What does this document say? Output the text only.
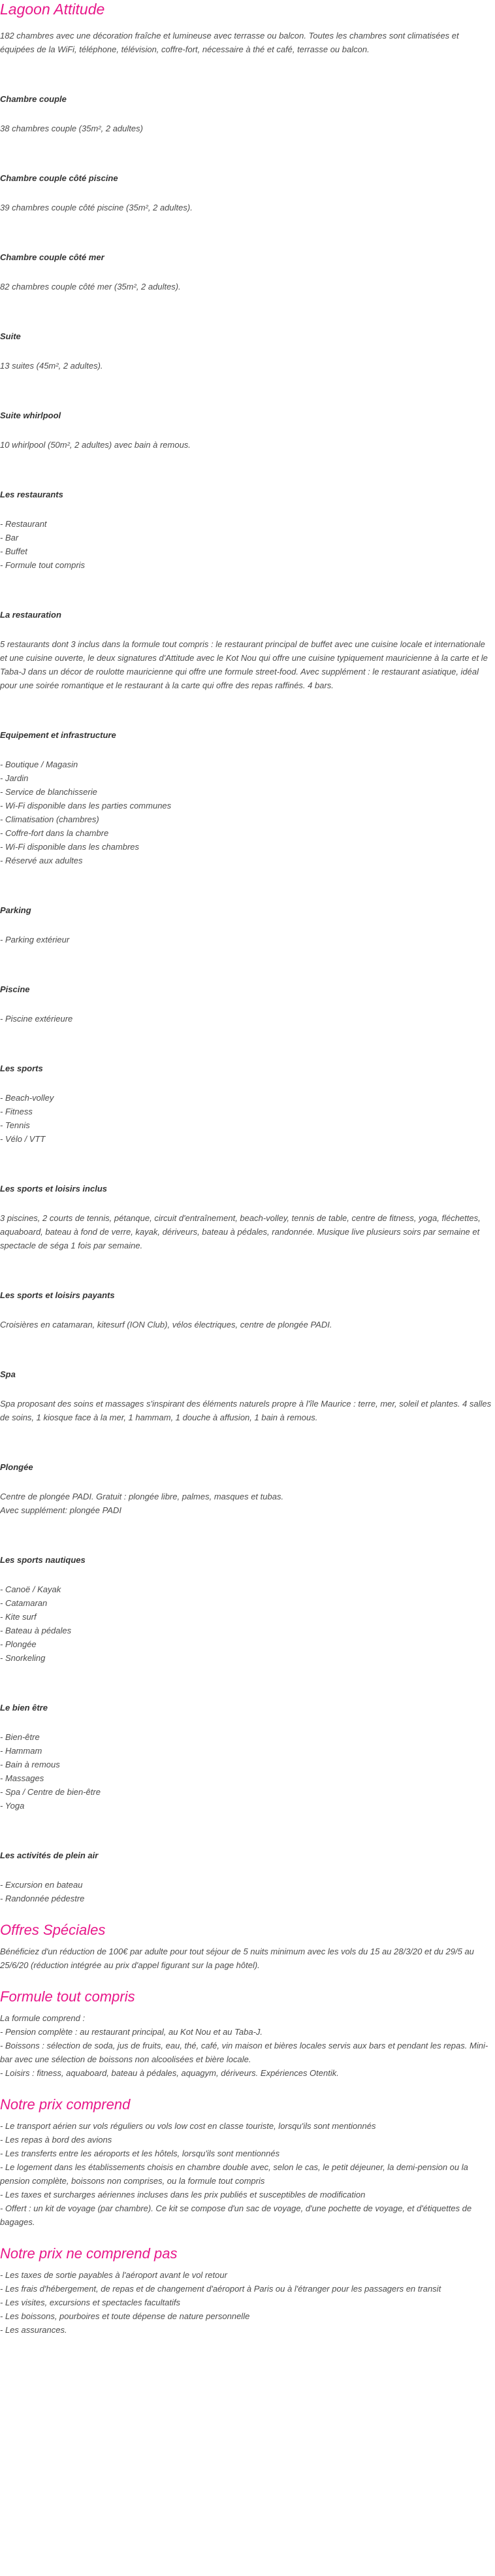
Lagoon Attitude

182 chambres avec une décoration fraîche et lumineuse avec terrasse ou balcon. Toutes les chambres sont climatisées et équipées de la WiFi, téléphone, télévision, coffre-fort, nécessaire à thé et café, terrasse ou balcon.

Chambre couple

38 chambres couple (35m², 2 adultes)

Chambre couple côté piscine

39 chambres couple côté piscine (35m², 2 adultes).

Chambre couple côté mer

82 chambres couple côté mer (35m², 2 adultes).

Suite

13 suites (45m², 2 adultes).

Suite whirlpool

10 whirlpool (50m², 2 adultes) avec bain à remous.

Les restaurants

- Restaurant

- Bar

- Buffet

- Formule tout compris

La restauration

5 restaurants dont 3 inclus dans la formule tout compris : le restaurant principal de buffet avec une cuisine locale et internationale et une cuisine ouverte, le deux signatures d'Attitude avec le Kot Nou qui offre une cuisine typiquement mauricienne à la carte et le Taba-J dans un décor de roulotte mauricienne qui offre une formule street-food. Avec supplément : le restaurant asiatique, idéal pour une soirée romantique et le restaurant à la carte qui offre des repas raffinés. 4 bars.

Equipement et infrastructure

- Boutique / Magasin

- Jardin

- Service de blanchisserie

- Wi-Fi disponible dans les parties communes

- Climatisation (chambres)

- Coffre-fort dans la chambre

- Wi-Fi disponible dans les chambres

- Réservé aux adultes

Parking

- Parking extérieur

Piscine

- Piscine extérieure

Les sports

- Beach-volley

- Fitness

- Tennis

- Vélo / VTT

Les sports et loisirs inclus

3 piscines, 2 courts de tennis, pétanque, circuit d'entraînement, beach-volley, tennis de table, centre de fitness, yoga, fléchettes, aquaboard, bateau à fond de verre, kayak, dériveurs, bateau à pédales, randonnée. Musique live plusieurs soirs par semaine et spectacle de séga 1 fois par semaine.

Les sports et loisirs payants

Croisières en catamaran, kitesurf (ION Club), vélos électriques, centre de plongée PADI.

Spa

Spa proposant des soins et massages s'inspirant des éléments naturels propre à l'île Maurice : terre, mer, soleil et plantes. 4 salles de soins, 1 kiosque face à la mer, 1 hammam, 1 douche à affusion, 1 bain à remous.

Plongée

Centre de plongée PADI. Gratuit : plongée libre, palmes, masques et tubas.

Avec supplément: plongée PADI

Les sports nautiques

- Canoë / Kayak

- Catamaran

- Kite surf

- Bateau à pédales

- Plongée

- Snorkeling

Le bien être

- Bien-être

- Hammam

- Bain à remous

- Massages

- Spa / Centre de bien-être

- Yoga

Les activités de plein air

- Excursion en bateau

- Randonnée pédestre

Offres Spéciales

Bénéficiez d'un réduction de 100€ par adulte pour tout séjour de 5 nuits minimum avec les vols du 15 au 28/3/20 et du 29/5 au 25/6/20 (réduction intégrée au prix d'appel figurant sur la page hôtel).

Formule tout compris
La formule comprend :
- Pension complète : au restaurant principal, au Kot Nou et au Taba-J.
- Boissons : sélection de soda, jus de fruits, eau, thé, café, vin maison et bières locales servis aux bars et pendant les repas. Mini-bar avec une sélection de boissons non alcoolisées et bière locale.
- Loisirs : fitness, aquaboard, bateau à pédales, aquagym, dériveurs. Expériences Otentik.
Notre prix comprend
- Le transport aérien sur vols réguliers ou vols low cost en classe touriste, lorsqu'ils sont mentionnés
- Les repas à bord des avions
- Les transferts entre les aéroports et les hôtels, lorsqu'ils sont mentionnés
- Le logement dans les établissements choisis en chambre double avec, selon le cas, le petit déjeuner, la demi-pension ou la pension complète, boissons non comprises, ou la formule tout compris
- Les taxes et surcharges aériennes incluses dans les prix publiés et susceptibles de modification
- Offert : un kit de voyage (par chambre). Ce kit se compose d'un sac de voyage, d'une pochette de voyage, et d'étiquettes de bagages.
Notre prix ne comprend pas
- Les taxes de sortie payables à l'aéroport avant le vol retour
- Les frais d'hébergement, de repas et de changement d'aéroport à Paris ou à l'étranger pour les passagers en transit
- Les visites, excursions et spectacles facultatifs
- Les boissons, pourboires et toute dépense de nature personnelle
- Les assurances.
